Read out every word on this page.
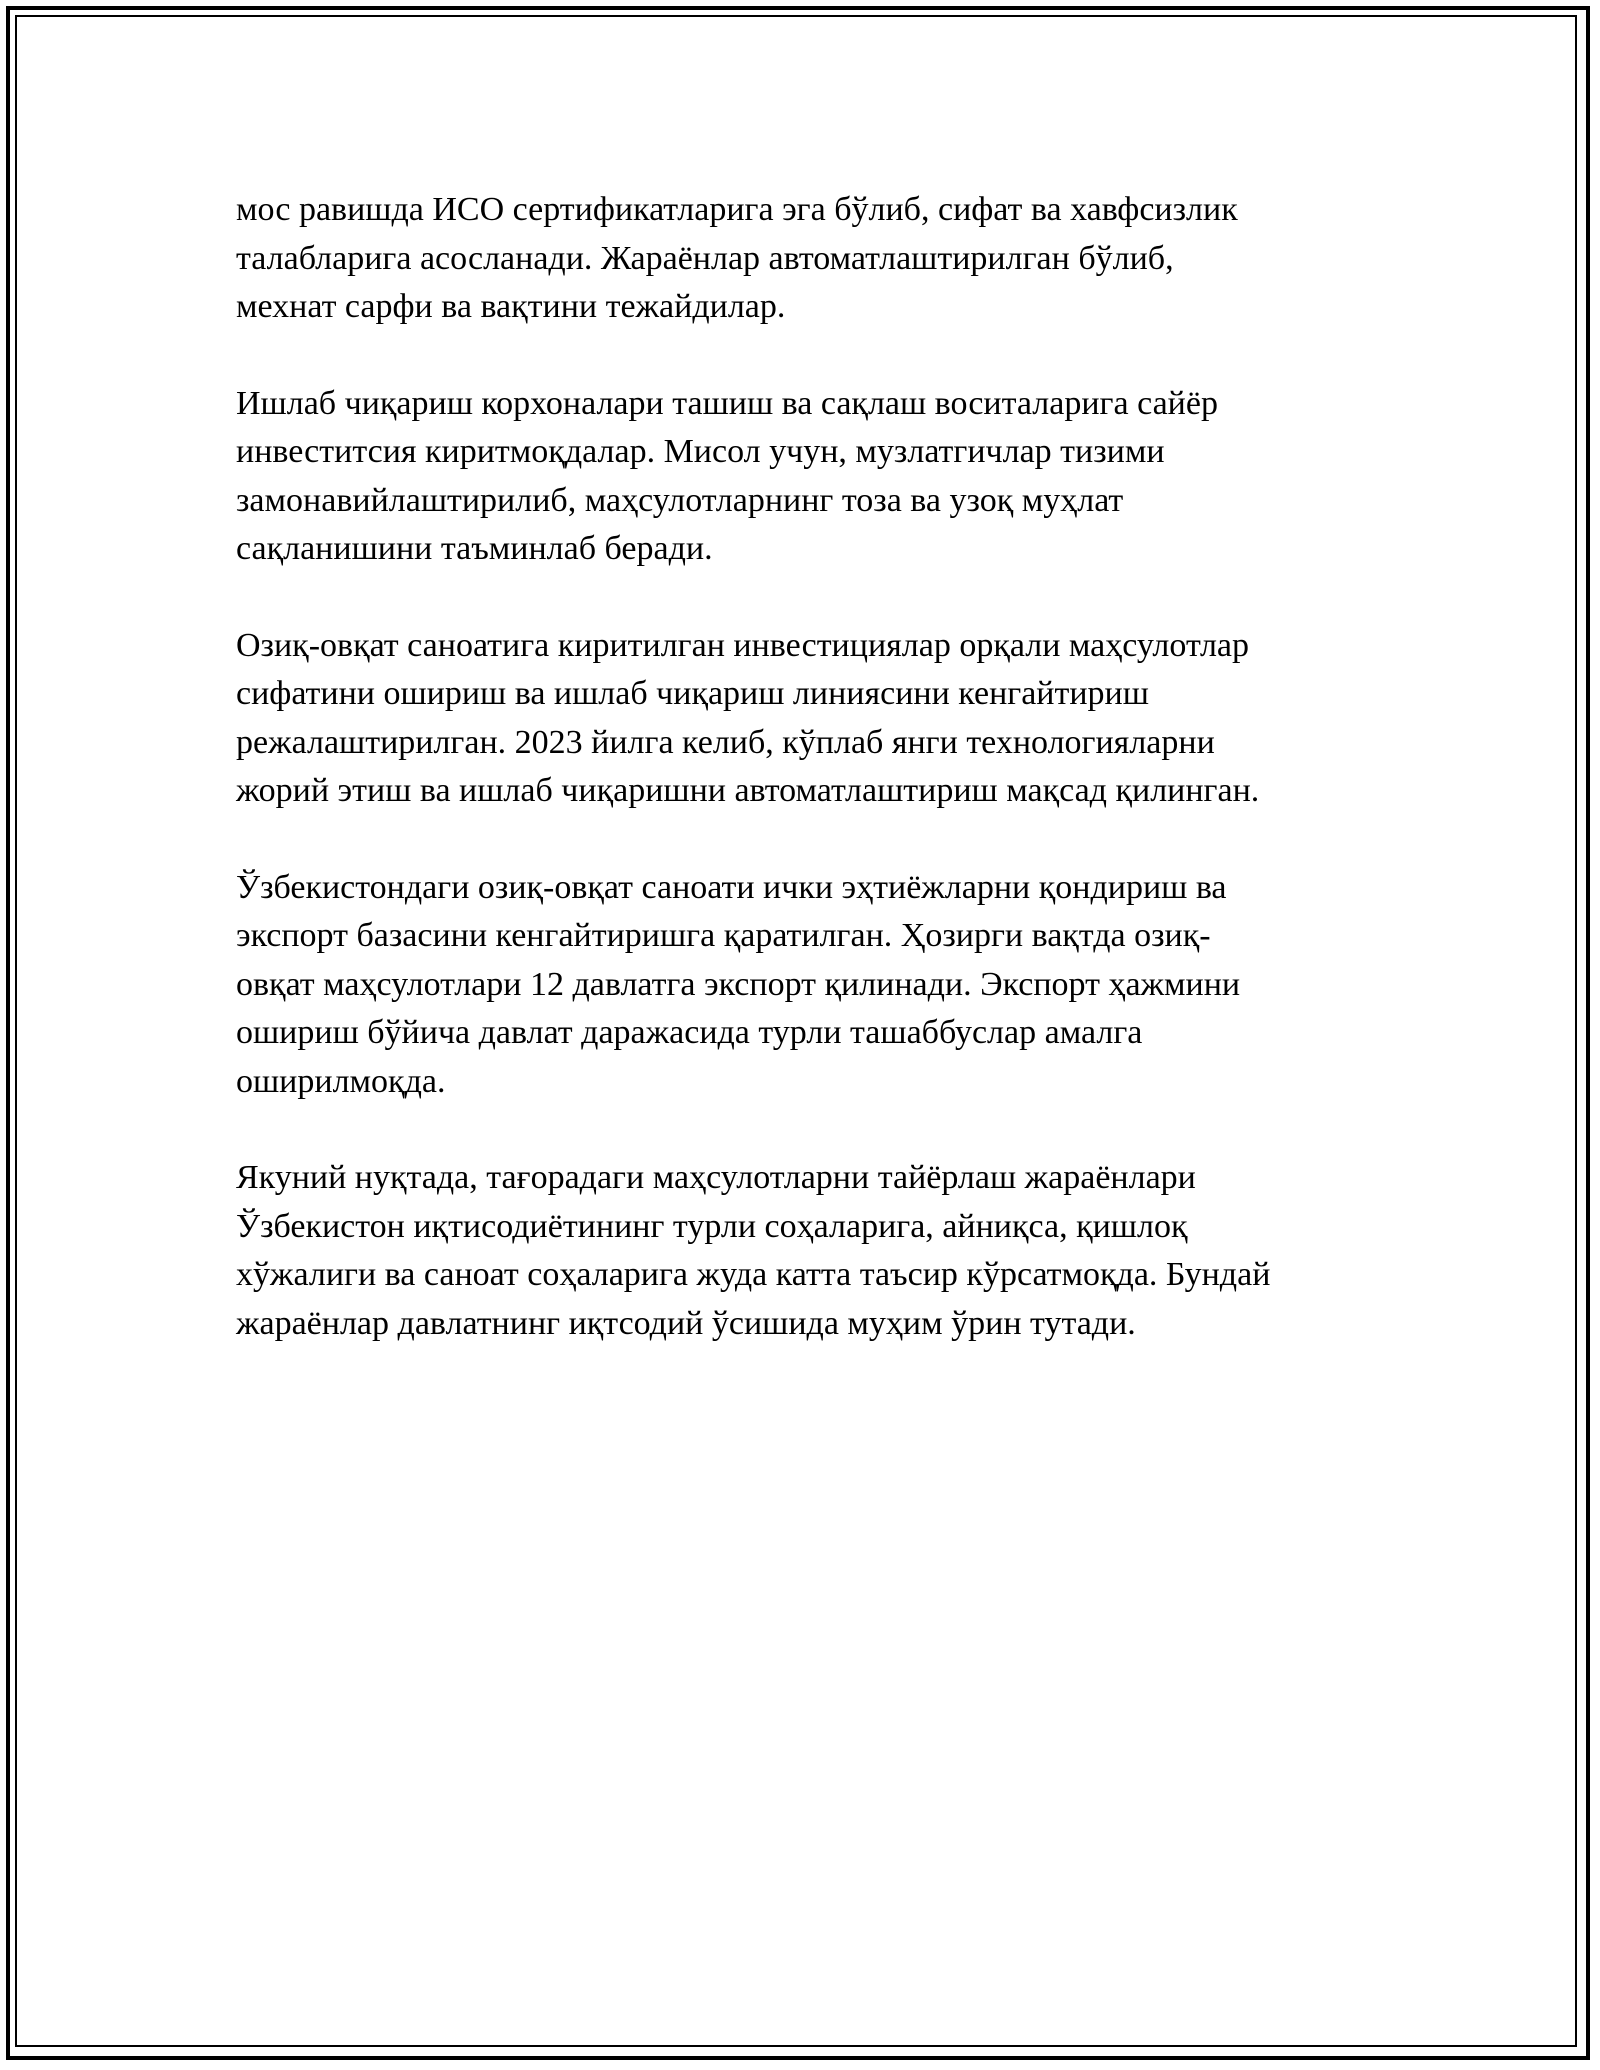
мос равишда ИСО сертификатларига эга бўлиб, сифат ва хавфсизлик
талабларига асосланади. Жараёнлар автоматлаштирилган бўлиб,
мехнат сарфи ва вақтини тежайдилар.

Ишлаб чиқариш корхоналари ташиш ва сақлаш воситаларига сайёр
инвеститсия киритмоқдалар. Мисол учун, музлатгичлар тизими
замонавийлаштирилиб, маҳсулотларнинг тоза ва узоқ муҳлат
сақланишини таъминлаб беради.

Озиқ-овқат саноатига киритилган инвестициялар орқали маҳсулотлар
сифатини ошириш ва ишлаб чиқариш линиясини кенгайтириш
режалаштирилган. 2023 йилга келиб, кўплаб янги технологияларни
жорий этиш ва ишлаб чиқаришни автоматлаштириш мақсад қилинган.

Ўзбекистондаги озиқ-овқат саноати ички эҳтиёжларни қондириш ва
экспорт базасини кенгайтиришга қаратилган. Ҳозирги вақтда озиқ-
овқат маҳсулотлари 12 давлатга экспорт қилинади. Экспорт ҳажмини
ошириш бўйича давлат даражасида турли ташаббуслар амалга
оширилмоқда.

Якуний нуқтада, тағорадаги маҳсулотларни тайёрлаш жараёнлари
Ўзбекистон иқтисодиётининг турли соҳаларига, айниқса, қишлоқ
хўжалиги ва саноат соҳаларига жуда катта таъсир кўрсатмоқда. Бундай
жараёнлар давлатнинг иқтсодий ўсишида муҳим ўрин тутади.
